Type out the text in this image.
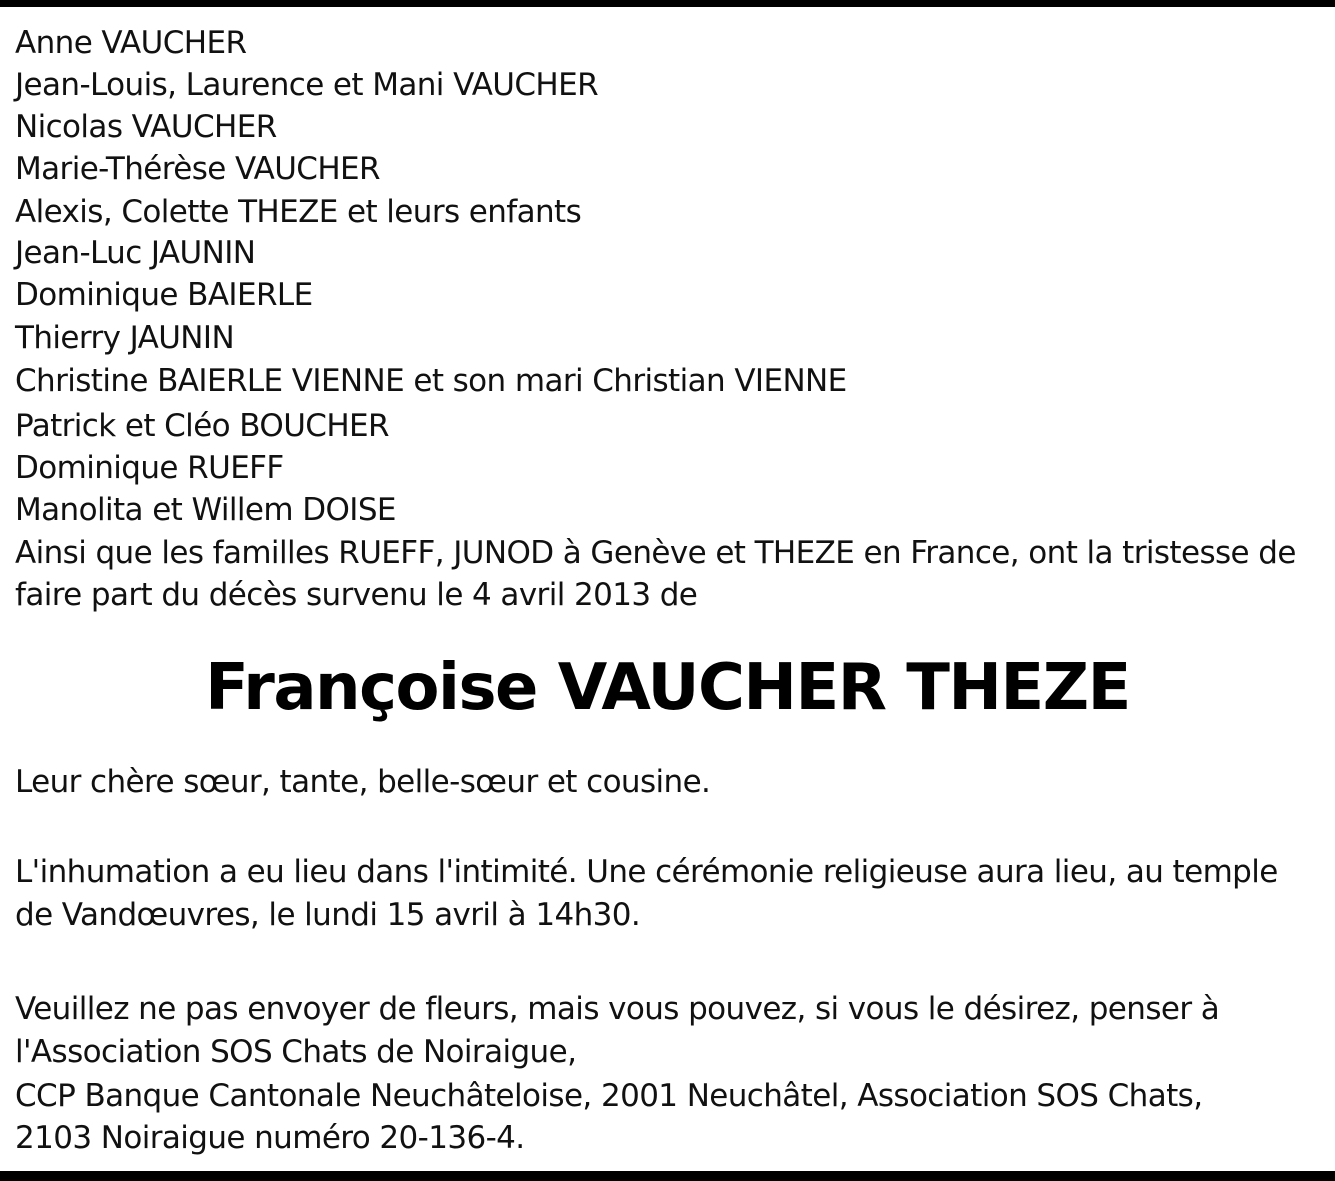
Anne VAUCHER
Jean-Louis, Laurence et Mani VAUCHER
Nicolas VAUCHER
Marie-Thérèse VAUCHER
Alexis, Colette THEZE et leurs enfants
Jean-Luc JAUNIN
Dominique BAIERLE
Thierry JAUNIN
Christine BAIERLE VIENNE et son mari Christian VIENNE
Patrick et Cléo BOUCHER
Dominique RUEFF
Manolita et Willem DOISE
Ainsi que les familles RUEFF, JUNOD à Genève et THEZE en France, ont la tristesse de
faire part du décès survenu le 4 avril 2013 de
Françoise VAUCHER THEZE
Leur chère sœur, tante, belle-sœur et cousine.
L'inhumation a eu lieu dans l'intimité. Une cérémonie religieuse aura lieu, au temple
de Vandœuvres, le lundi 15 avril à 14h30.
Veuillez ne pas envoyer de fleurs, mais vous pouvez, si vous le désirez, penser à
l'Association SOS Chats de Noiraigue,
CCP Banque Cantonale Neuchâteloise, 2001 Neuchâtel, Association SOS Chats,
2103 Noiraigue numéro 20-136-4.
